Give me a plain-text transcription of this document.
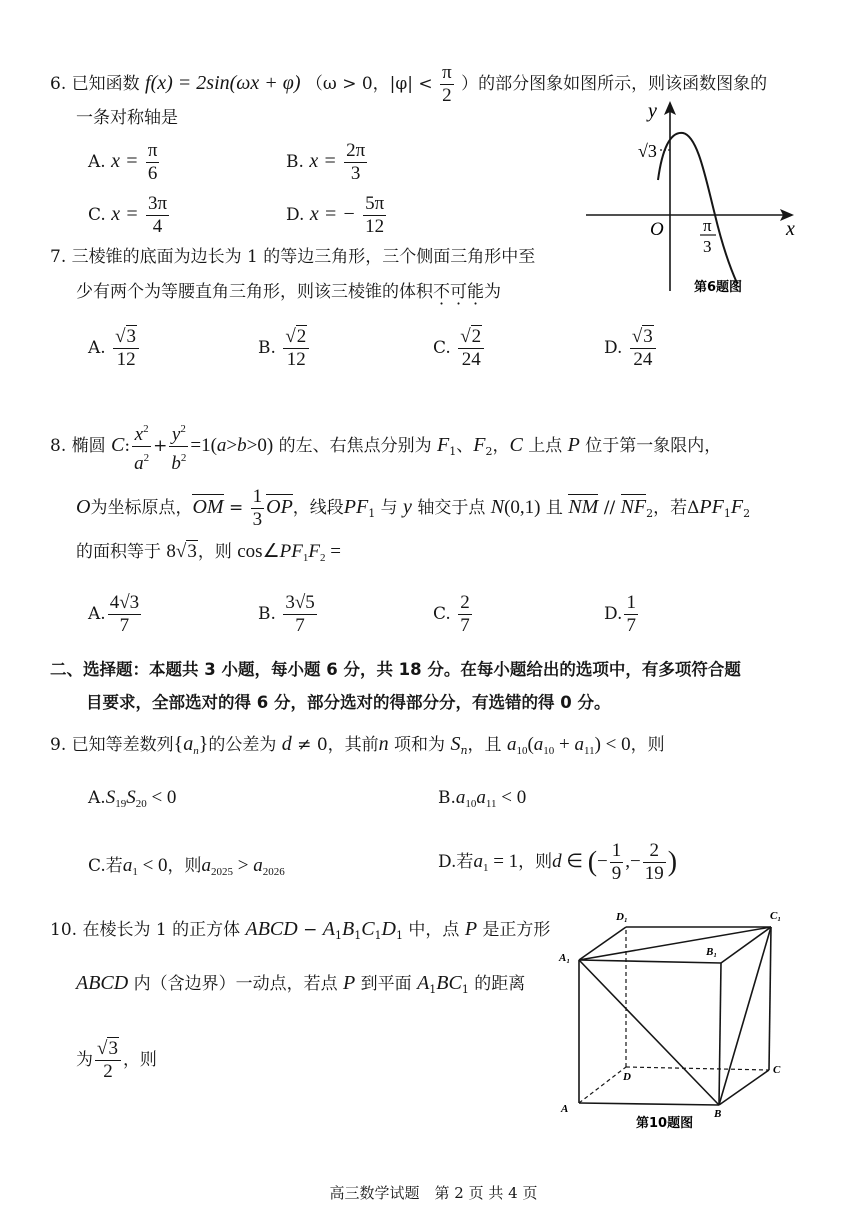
6. 已知函数 f(x) = 2sin(ωx + φ) （ω > 0，$|\varphi| < \frac{\pi}{2}$ ）的部分图象如图所示，则该函数图象的
一条对称轴是
A. $x = \frac{\pi}{6}$	B. $x = \frac{2\pi}{3}$
C. $x = \frac{3\pi}{4}$	D. x = − $\frac{5\pi}{12}$
y
x
O
√3
π
3
第6题图
7. 三棱锥的底面为边长为 1 的等边三角形，三个侧面三角形中至
少有两个为等腰直角三角形，则该三棱锥的体积不可能为
A. $\frac{√3}{12}$	B. $\frac{√2}{12}$	C. $\frac{√2}{24}$	D. $\frac{√3}{24}$
8. 椭圆 C: $\frac{x^2}{a^2} + \frac{y^2}{b^2} =1(a>b>0)$ 的左、右焦点分别为 $F_1$、$F_2$，C 上点 P 位于第一象限内，
O为坐标原点，OM = $\frac{1}{3}$ OP，线段$PF_1$ 与 y 轴交于点 N(0,1) 且 NM // $NF_2$，若$\Delta PF_1F_2$
的面积等于 8√3，则 $\cos\angle PF_1F_2$ =
A. $\frac{4√3}{7}$	B. $\frac{3√5}{7}$	C. $\frac{2}{7}$	D. $\frac{1}{7}$
二、选择题：本题共 3 小题，每小题 6 分，共 18 分。在每小题给出的选项中，有多项符合题
目要求，全部选对的得 6 分，部分选对的得部分分，有选错的得 0 分。
9. 已知等差数列$\{a_n\}$的公差为 d ≠ 0，其前n 项和为 $S_n$，且 $a_{10}(a_{10} + a_{11}) < 0$，则
$A.S_{19}S_{20} < 0$	$B.a_{10}a_{11} < 0$
C.若$a_1 < 0$，则$a_{2025} > a_{2026}$
D.若$a_1 = 1$，则d ∈ (− $\frac{1}{9}$ ,− $\frac{2}{19}$ )
10. 在棱长为 1 的正方体 ABCD − $A_1B_1C_1D_1$ 中，点 P 是正方形
ABCD 内（含边界）一动点，若点 P 到平面 $A_1BC_1$ 的距离
为 $\frac{√3}{2}$ ，则
D₁	C₁
A₁	B₁
D
C
A	B
第10题图
高三数学试题　第 2 页 共 4 页
